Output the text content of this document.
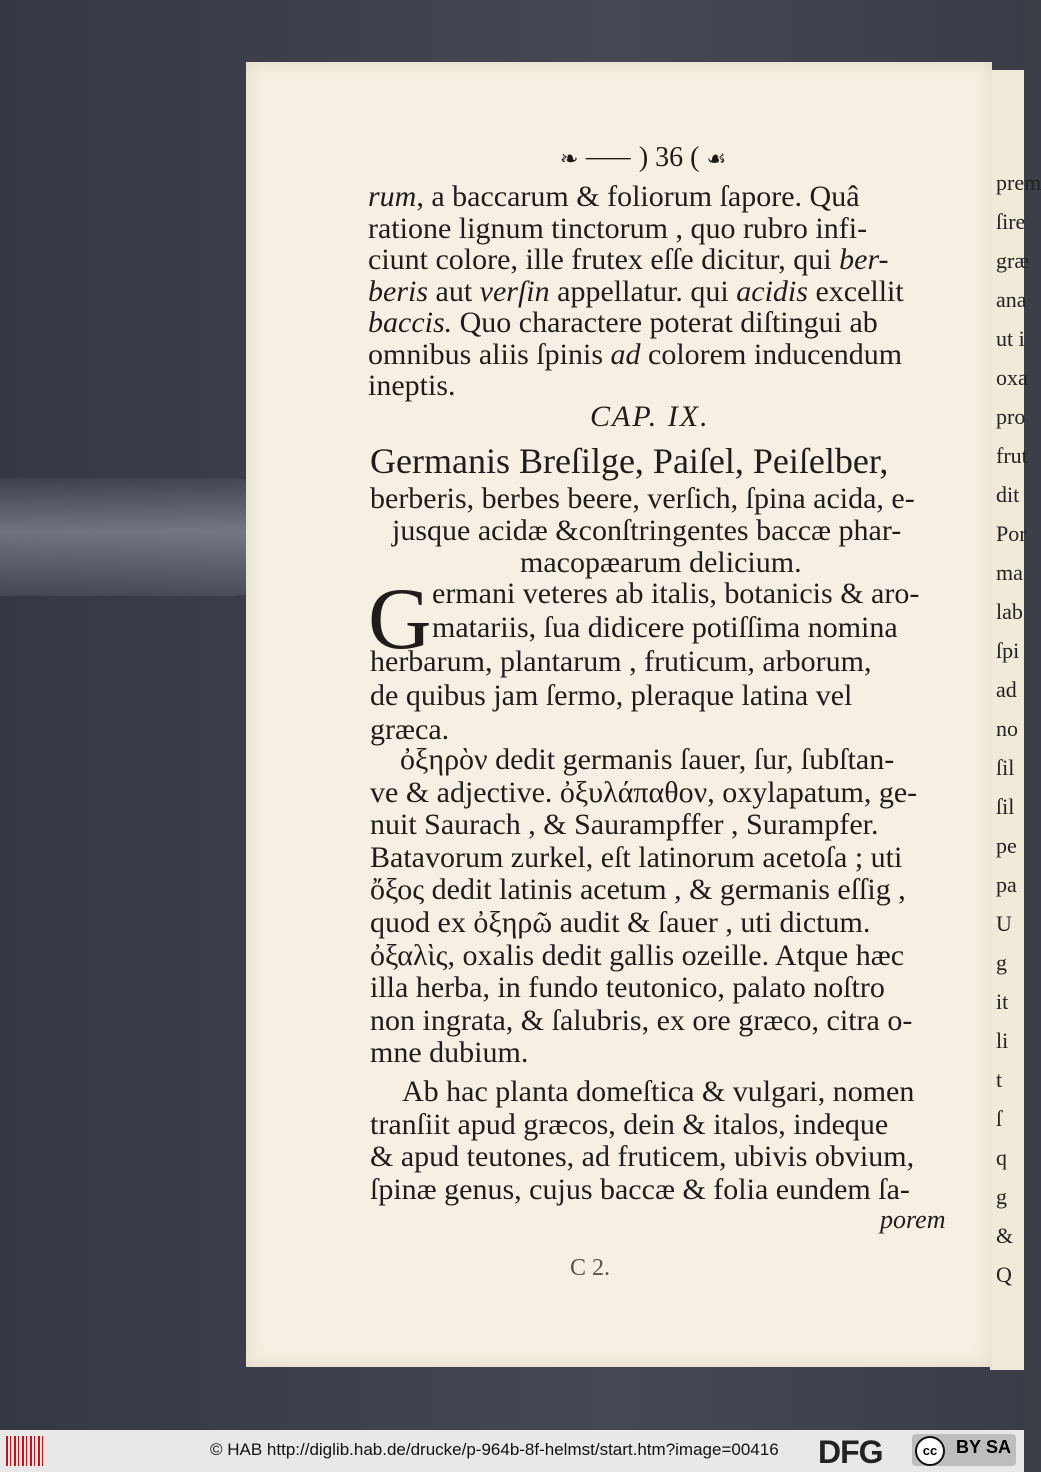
prem
ſire
græ
ana
ut i
oxa
pro
frut
dit
Por
ma
lab
ſpi
ad
no
ſil
ſil
pe
pa
U
g
it
li
t
ſ
q
g
&
Q
❧ ⸺ ) 36 ( ☙
rum, a baccarum & foliorum ſapore. Quâ
ratione lignum tinctorum , quo rubro infi-
ciunt colore, ille frutex eſſe dicitur, qui ber-
beris aut verſin appellatur. qui acidis excellit
baccis. Quo charactere poterat diſtingui ab
omnibus aliis ſpinis ad colorem inducendum
ineptis.
CAP. IX.
Germanis Breſilge, Paiſel, Peiſelber,
berberis, berbes beere, verſich, ſpina acida, e-
jusque acidæ &conſtringentes baccæ phar-
macopæarum delicium.
G ermani veteres ab italis, botanicis & aro-
matariis, ſua didicere potiſſima nomina
herbarum, plantarum , fruticum, arborum,
de quibus jam ſermo, pleraque latina vel
græca.
ὀξηρὸν dedit germanis ſauer, ſur, ſubſtan-
ve & adjective. ὀξυλάπαθον, oxylapatum, ge-
nuit Saurach , & Saurampffer , Surampfer.
Batavorum zurkel, eſt latinorum acetoſa ; uti
ὄξος dedit latinis acetum , & germanis eſſig ,
quod ex ὀξηρῶ audit & ſauer , uti dictum.
ὀξαλὶς, oxalis dedit gallis ozeille. Atque hæc
illa herba, in fundo teutonico, palato noſtro
non ingrata, & ſalubris, ex ore græco, citra o-
mne dubium.
Ab hac planta domeſtica & vulgari, nomen
tranſiit apud græcos, dein & italos, indeque
& apud teutones, ad fruticem, ubivis obvium,
ſpinæ genus, cujus baccæ & folia eundem ſa-
porem
C 2.
© HAB http://diglib.hab.de/drucke/p-964b-8f-helmst/start.htm?image=00416 DFG	cc	BY SA
